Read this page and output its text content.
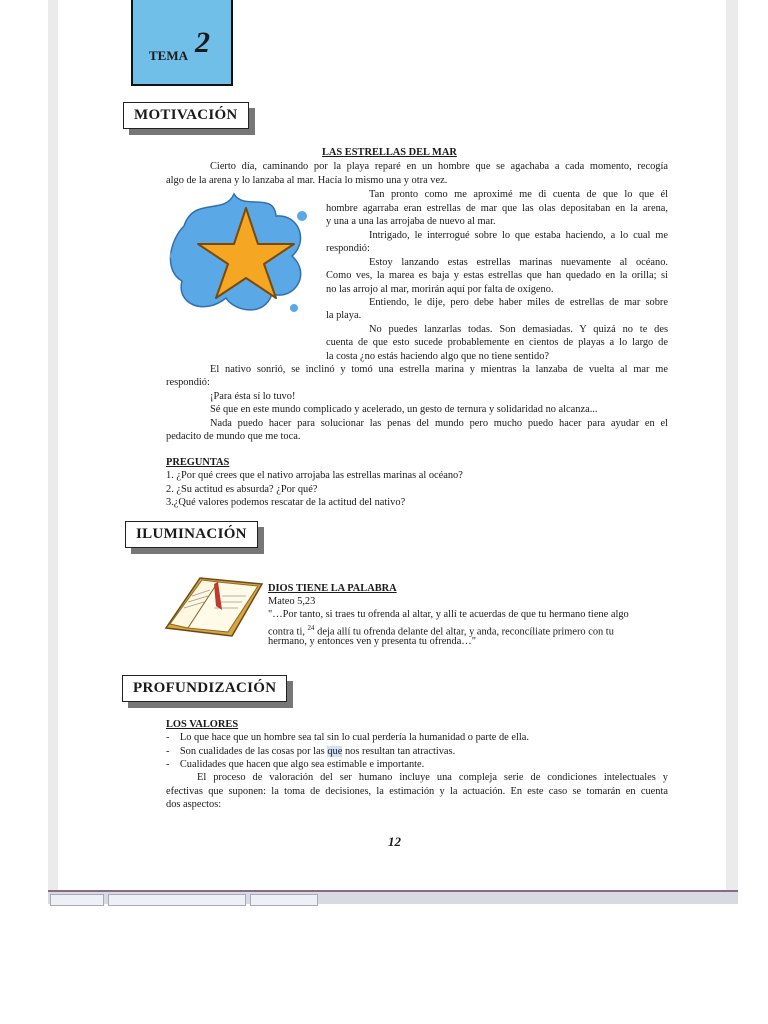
TEMA 2
MOTIVACIÓN
LAS ESTRELLAS DEL MAR
Cierto día, caminando por la playa reparé en un hombre que se agachaba a cada momento, recogía
algo de la arena y lo lanzaba al mar. Hacía lo mismo una y otra vez.
Tan pronto como me aproximé me di cuenta de que lo que él
hombre agarraba eran estrellas de mar que las olas depositaban en la arena,
y una a una las arrojaba de nuevo al mar.
Intrigado, le interrogué sobre lo que estaba haciendo, a lo cual me
respondió:
Estoy lanzando estas estrellas marinas nuevamente al océano.
Como ves, la marea es baja y estas estrellas que han quedado en la orilla; si
no las arrojo al mar, morirán aquí por falta de oxígeno.
Entiendo, le dije, pero debe haber miles de estrellas de mar sobre
la playa.
No puedes lanzarlas todas. Son demasiadas. Y quizá no te des
cuenta de que esto sucede probablemente en cientos de playas a lo largo de
la costa ¿no estás haciendo algo que no tiene sentido?
El nativo sonrió, se inclinó y tomó una estrella marina y mientras la lanzaba de vuelta al mar me
respondió:
¡Para ésta sí lo tuvo!
Sé que en este mundo complicado y acelerado, un gesto de ternura y solidaridad no alcanza...
Nada puedo hacer para solucionar las penas del mundo pero mucho puedo hacer para ayudar en el
pedacito de mundo que me toca.
PREGUNTAS
1. ¿Por qué crees que el nativo arrojaba las estrellas marinas al océano?
2. ¿Su actitud es absurda? ¿Por qué?
3.¿Qué valores podemos rescatar de la actitud del nativo?
ILUMINACIÓN
DIOS TIENE LA PALABRA
Mateo 5,23
"…Por tanto, si traes tu ofrenda al altar, y allí te acuerdas de que tu hermano tiene algo
contra ti, $^{24}$ deja allí tu ofrenda delante del altar, y anda, reconcíliate primero con tu
hermano, y entonces ven y presenta tu ofrenda…"
PROFUNDIZACIÓN
LOS VALORES
-    Lo que hace que un hombre sea tal sin lo cual perdería la humanidad o parte de ella.
-    Son cualidades de las cosas por las que nos resultan tan atractivas.
-    Cualidades que hacen que algo sea estimable e importante.
El proceso de valoración del ser humano incluye una compleja serie de condiciones intelectuales y
efectivas que suponen: la toma de decisiones, la estimación y la actuación. En este caso se tomarán en cuenta
dos aspectos:
12
